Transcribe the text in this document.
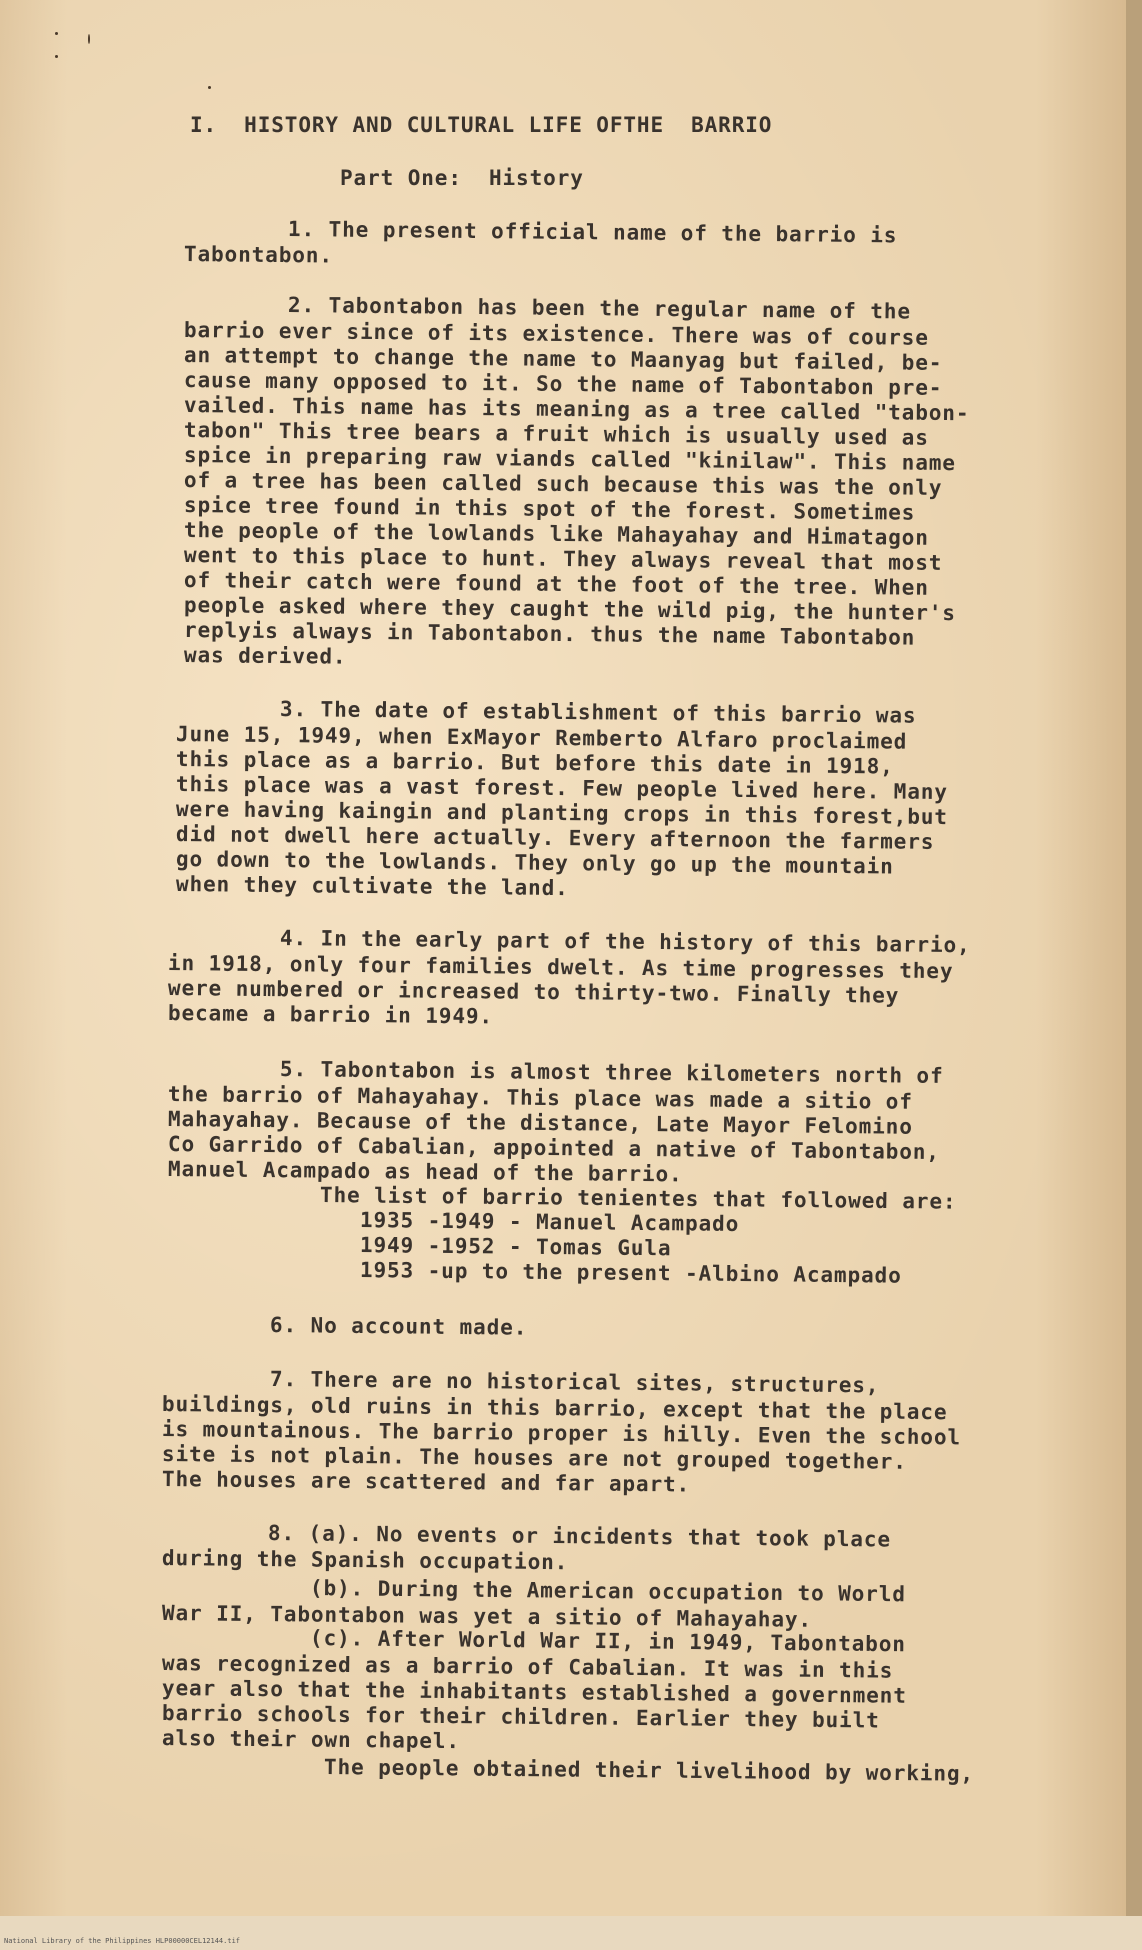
I.  HISTORY AND CULTURAL LIFE OFTHE  BARRIO
Part One:  History
1. The present official name of the barrio is
Tabontabon.
2. Tabontabon has been the regular name of the
barrio ever since of its existence. There was of course
an attempt to change the name to Maanyag but failed, be-
cause many opposed to it. So the name of Tabontabon pre-
vailed. This name has its meaning as a tree called "tabon-
tabon" This tree bears a fruit which is usually used as
spice in preparing raw viands called "kinilaw". This name
of a tree has been called such because this was the only
spice tree found in this spot of the forest. Sometimes
the people of the lowlands like Mahayahay and Himatagon
went to this place to hunt. They always reveal that most
of their catch were found at the foot of the tree. When
people asked where they caught the wild pig, the hunter's
replyis always in Tabontabon. thus the name Tabontabon
was derived.
3. The date of establishment of this barrio was
June 15, 1949, when ExMayor Remberto Alfaro proclaimed
this place as a barrio. But before this date in 1918,
this place was a vast forest. Few people lived here. Many
were having kaingin and planting crops in this forest,but
did not dwell here actually. Every afternoon the farmers
go down to the lowlands. They only go up the mountain
when they cultivate the land.
4. In the early part of the history of this barrio,
in 1918, only four families dwelt. As time progresses they
were numbered or increased to thirty-two. Finally they
became a barrio in 1949.
5. Tabontabon is almost three kilometers north of
the barrio of Mahayahay. This place was made a sitio of
Mahayahay. Because of the distance, Late Mayor Felomino
Co Garrido of Cabalian, appointed a native of Tabontabon,
Manuel Acampado as head of the barrio.
The list of barrio tenientes that followed are:
1935 -1949 - Manuel Acampado
1949 -1952 - Tomas Gula
1953 -up to the present -Albino Acampado
6. No account made.
7. There are no historical sites, structures,
buildings, old ruins in this barrio, except that the place
is mountainous. The barrio proper is hilly. Even the school
site is not plain. The houses are not grouped together.
The houses are scattered and far apart.
8. (a). No events or incidents that took place
during the Spanish occupation.
(b). During the American occupation to World
War II, Tabontabon was yet a sitio of Mahayahay.
(c). After World War II, in 1949, Tabontabon
was recognized as a barrio of Cabalian. It was in this
year also that the inhabitants established a government
barrio schools for their children. Earlier they built
also their own chapel.
The people obtained their livelihood by working,
National Library of the Philippines HLP00000CEL12144.tif
